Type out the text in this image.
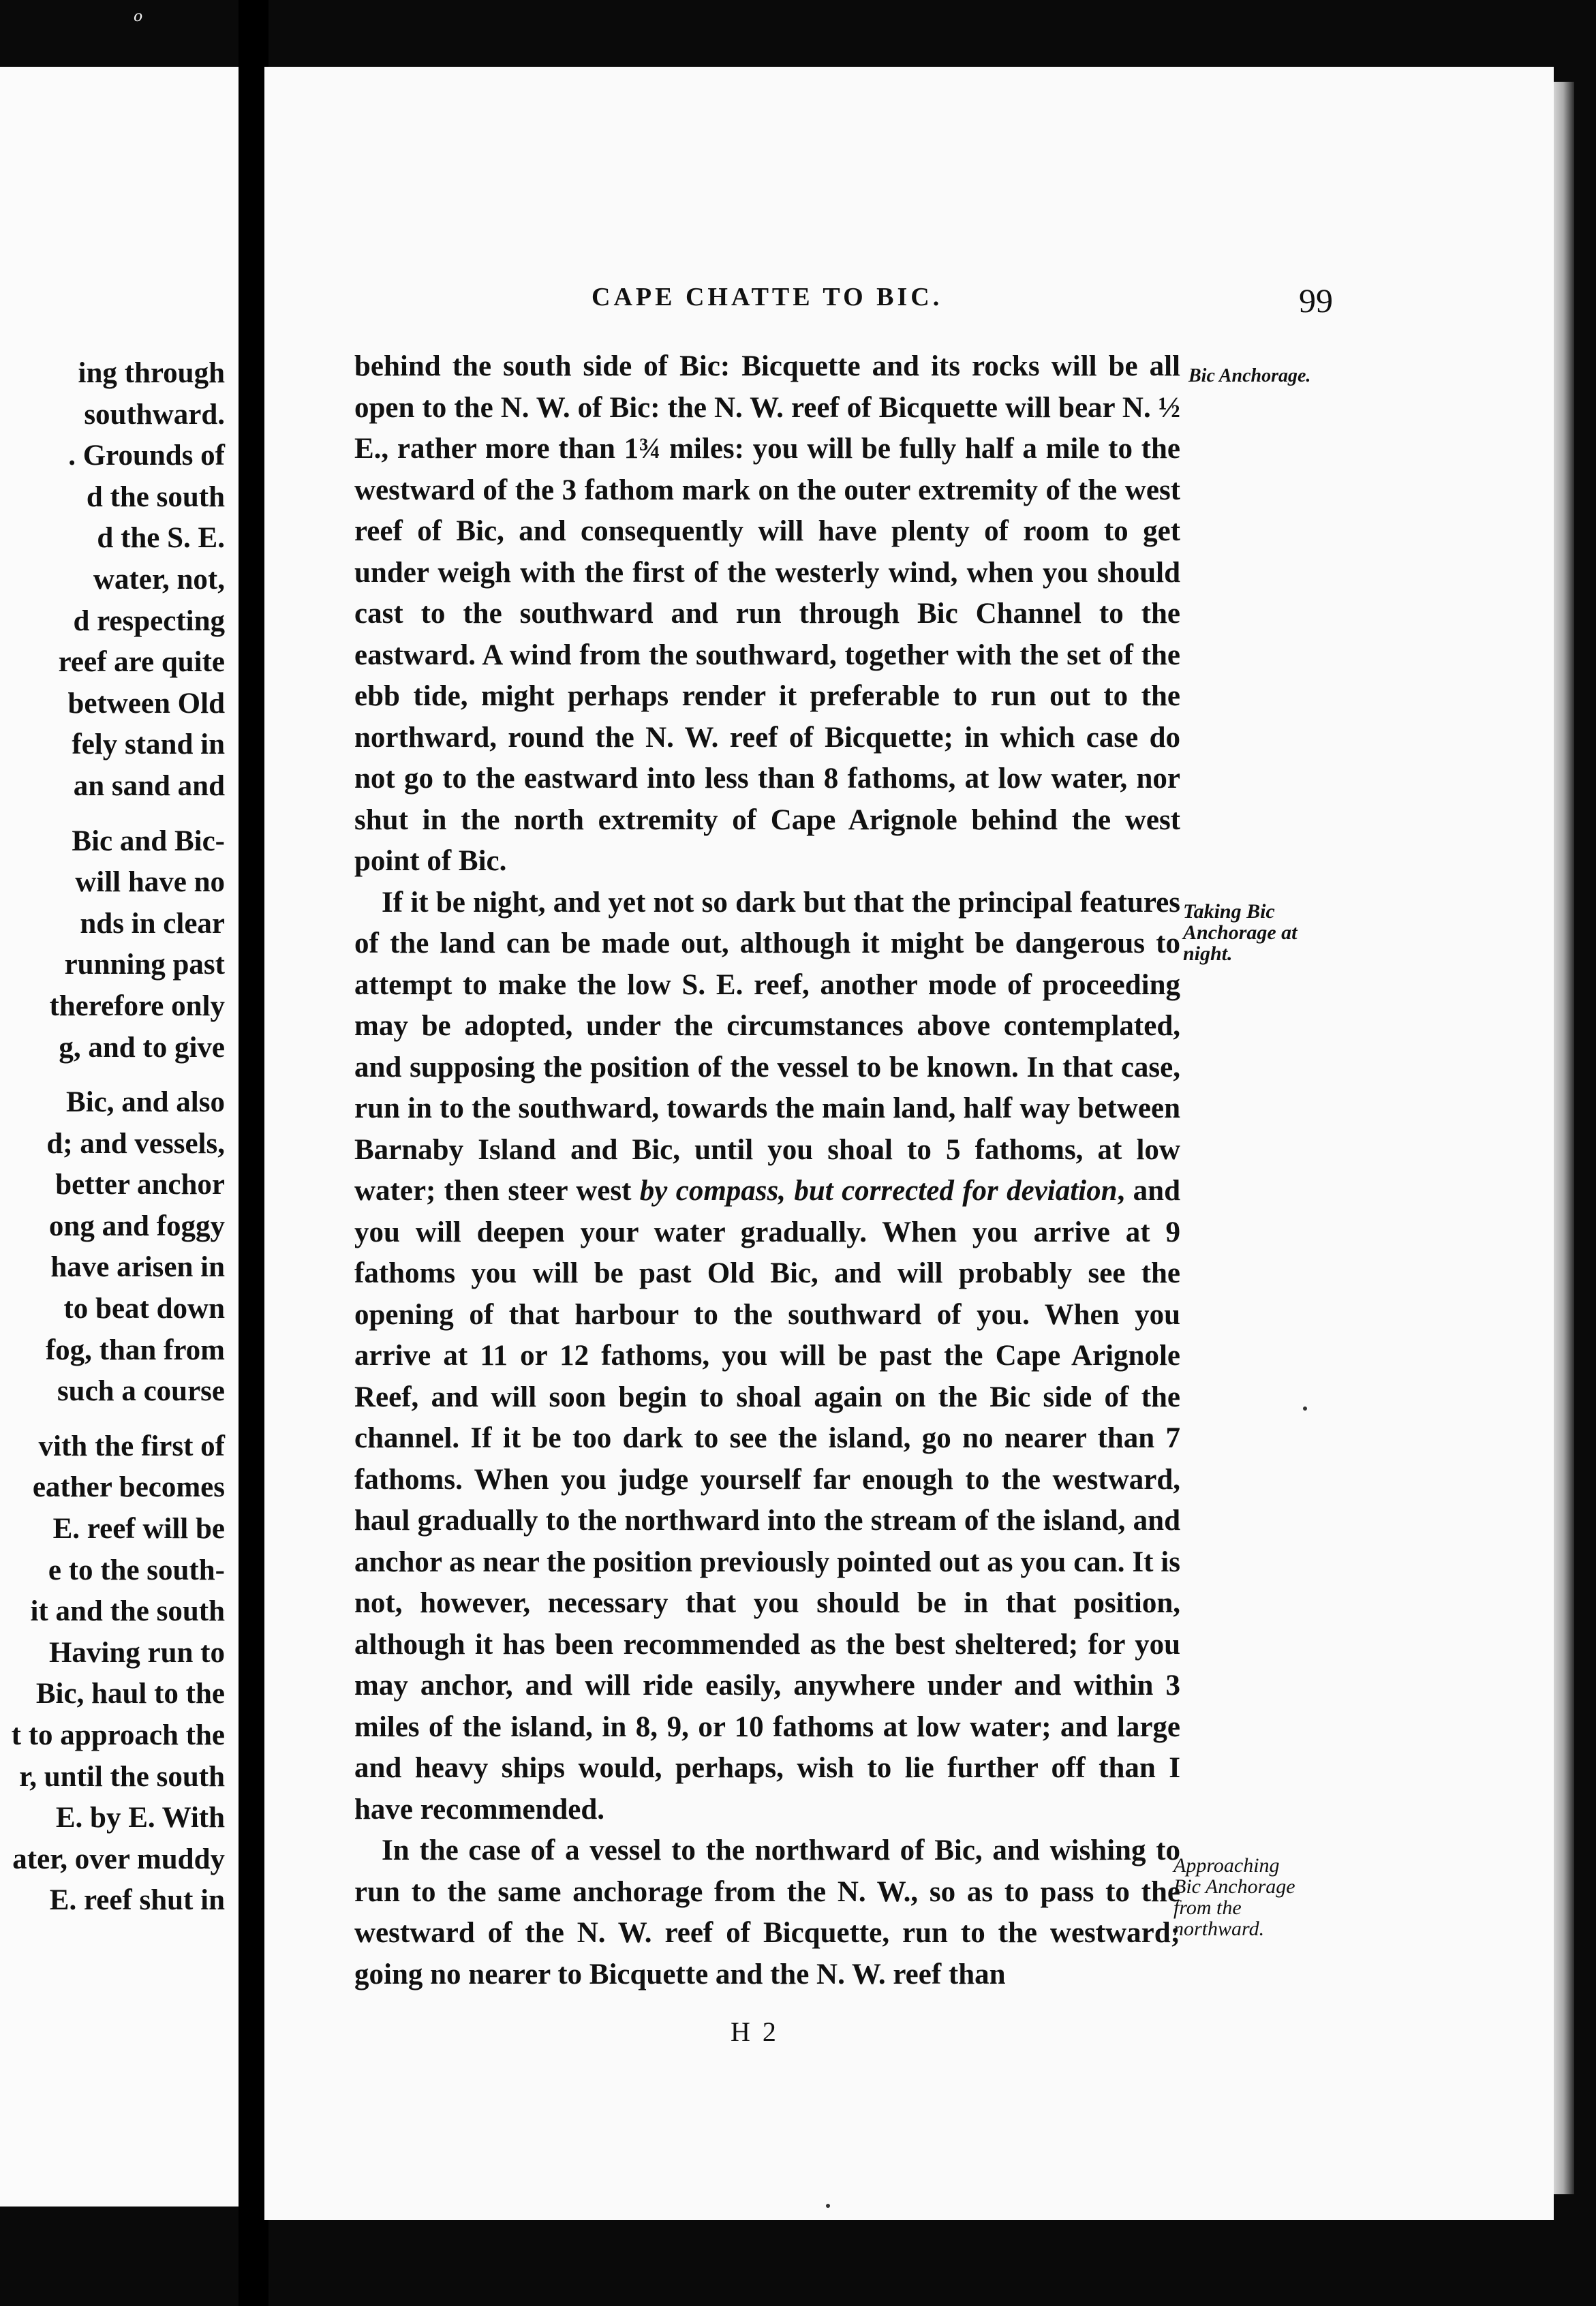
o
ing through
southward.
. Grounds of
d the south
d the S. E.
water, not,
d respecting
reef are quite
between Old
fely stand in
an sand and
Bic and Bic-
will have no
nds in clear
running past
therefore only
g, and to give
Bic, and also
d; and vessels,
better anchor
ong and foggy
have arisen in
to beat down
fog, than from
such a course
vith the first of
eather becomes
E. reef will be
e to the south-
it and the south
Having run to
Bic, haul to the
t to approach the
r, until the south
E. by E. With
ater, over muddy
E. reef shut in
CAPE CHATTE TO BIC.	99

behind the south side of Bic: Bicquette and its rocks will be all open to the N. W. of Bic: the N. W. reef of Bicquette will bear N. ½ E., rather more than 1¾ miles: you will be fully half a mile to the westward of the 3 fathom mark on the outer extremity of the west reef of Bic, and consequently will have plenty of room to get under weigh with the first of the westerly wind, when you should cast to the southward and run through Bic Channel to the eastward. A wind from the southward, together with the set of the ebb tide, might perhaps render it preferable to run out to the northward, round the N. W. reef of Bicquette; in which case do not go to the eastward into less than 8 fathoms, at low water, nor shut in the north extremity of Cape Arignole behind the west point of Bic.

If it be night, and yet not so dark but that the principal features of the land can be made out, although it might be dangerous to attempt to make the low S. E. reef, another mode of proceeding may be adopted, under the circumstances above contemplated, and supposing the position of the vessel to be known. In that case, run in to the southward, towards the main land, half way between Barnaby Island and Bic, until you shoal to 5 fathoms, at low water; then steer west by compass, but corrected for deviation, and you will deepen your water gradually. When you arrive at 9 fathoms you will be past Old Bic, and will probably see the opening of that harbour to the southward of you. When you arrive at 11 or 12 fathoms, you will be past the Cape Arignole Reef, and will soon begin to shoal again on the Bic side of the channel. If it be too dark to see the island, go no nearer than 7 fathoms. When you judge yourself far enough to the westward, haul gradually to the northward into the stream of the island, and anchor as near the position previously pointed out as you can. It is not, however, necessary that you should be in that position, although it has been recommended as the best sheltered; for you may anchor, and will ride easily, anywhere under and within 3 miles of the island, in 8, 9, or 10 fathoms at low water; and large and heavy ships would, perhaps, wish to lie further off than I have recommended.

In the case of a vessel to the northward of Bic, and wishing to run to the same anchorage from the N. W., so as to pass to the westward of the N. W. reef of Bicquette, run to the westward; going no nearer to Bicquette and the N. W. reef than

Bic Anchorage.
Taking Bic
Anchorage at
night.
Approaching
Bic Anchorage
from the
northward.
H 2
